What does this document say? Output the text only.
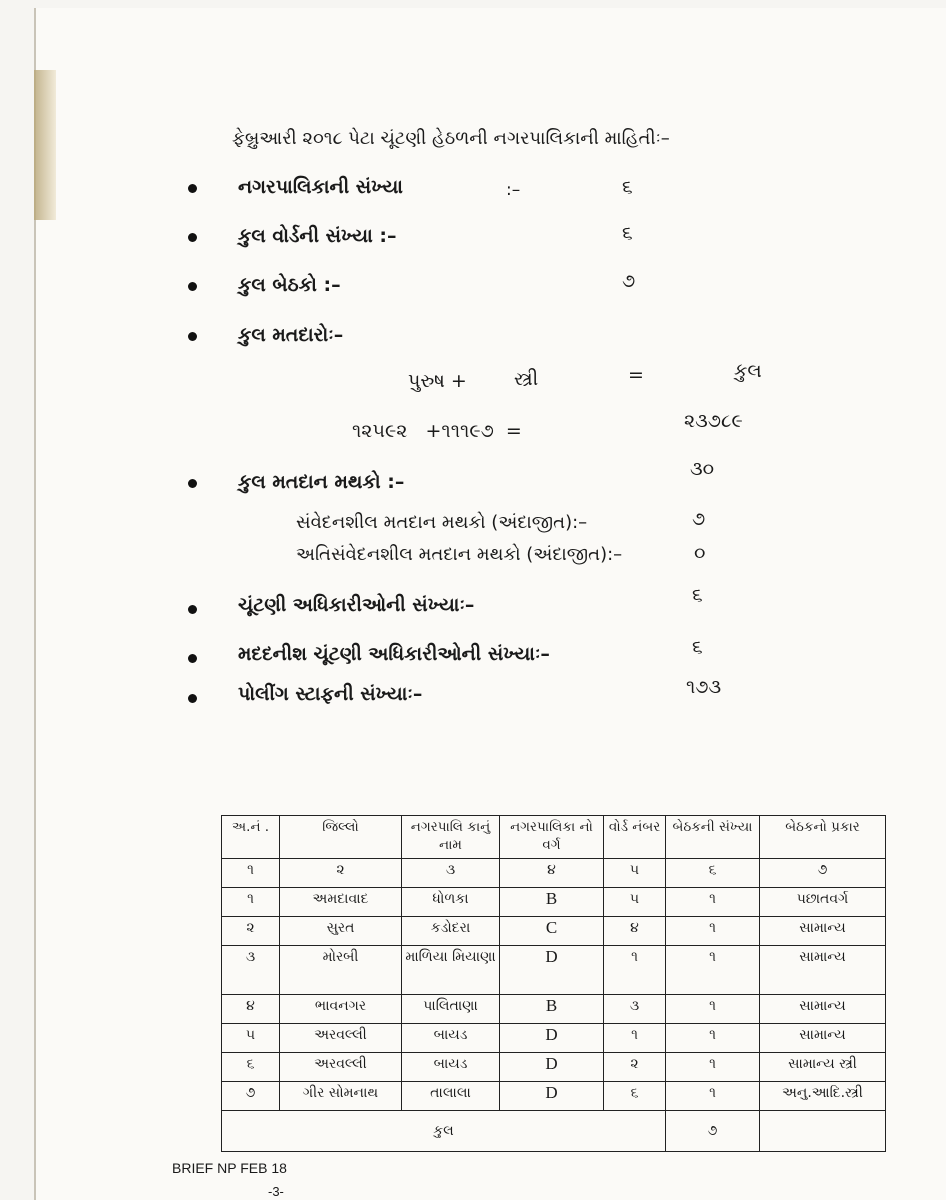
ફેબ્રુઆરી ૨૦૧૮ પેટા ચૂંટણી હેઠળની નગરપાલિકાની માહિતીઃ–
નગરપાલિકાની સંખ્યા	:–	૬
કુલ વોર્ડની સંખ્યા :–	૬
કુલ બેઠકો :–	૭
કુલ મતદારોઃ–
પુરુષ + સ્ત્રી	=	કુલ
૧૨૫૯૨   +૧૧૧૯૭  =	૨૩૭૮૯
કુલ મતદાન મથકો :–
૩૦
સંવેદનશીલ મતદાન મથકો (અંદાજીત):–	૭
અતિસંવેદનશીલ મતદાન મથકો (અંદાજીત):–	૦
ચૂંટણી અધિકારીઓની સંખ્યાઃ–	૬
મદદનીશ ચૂંટણી અધિકારીઓની સંખ્યાઃ–	૬
પોલીંગ સ્ટાફની સંખ્યાઃ–	૧૭૩
અ.નં .	જિલ્લો	નગરપાલિ કાનું નામ	નગરપાલિકા નો વર્ગ	વોર્ડ નંબર	બેઠકની સંખ્યા	બેઠકનો પ્રકાર
૧	૨	૩	૪	૫	૬	૭
૧	અમદાવાદ	ધોળકા	B	૫	૧	પછાતવર્ગ
૨	સુરત	કડોદરા	C	૪	૧	સામાન્ય
૩	મોરબી	માળિયા મિયાણા	D	૧	૧	સામાન્ય
૪	ભાવનગર	પાલિતાણા	B	૩	૧	સામાન્ય
૫	અરવલ્લી	બાયડ	D	૧	૧	સામાન્ય
૬	અરવલ્લી	બાયડ	D	૨	૧	સામાન્ય સ્ત્રી
૭	ગીર સોમનાથ	તાલાલા	D	૬	૧	અનુ.આદિ.સ્ત્રી
કુલ					૭	
BRIEF NP FEB 18
-3-
